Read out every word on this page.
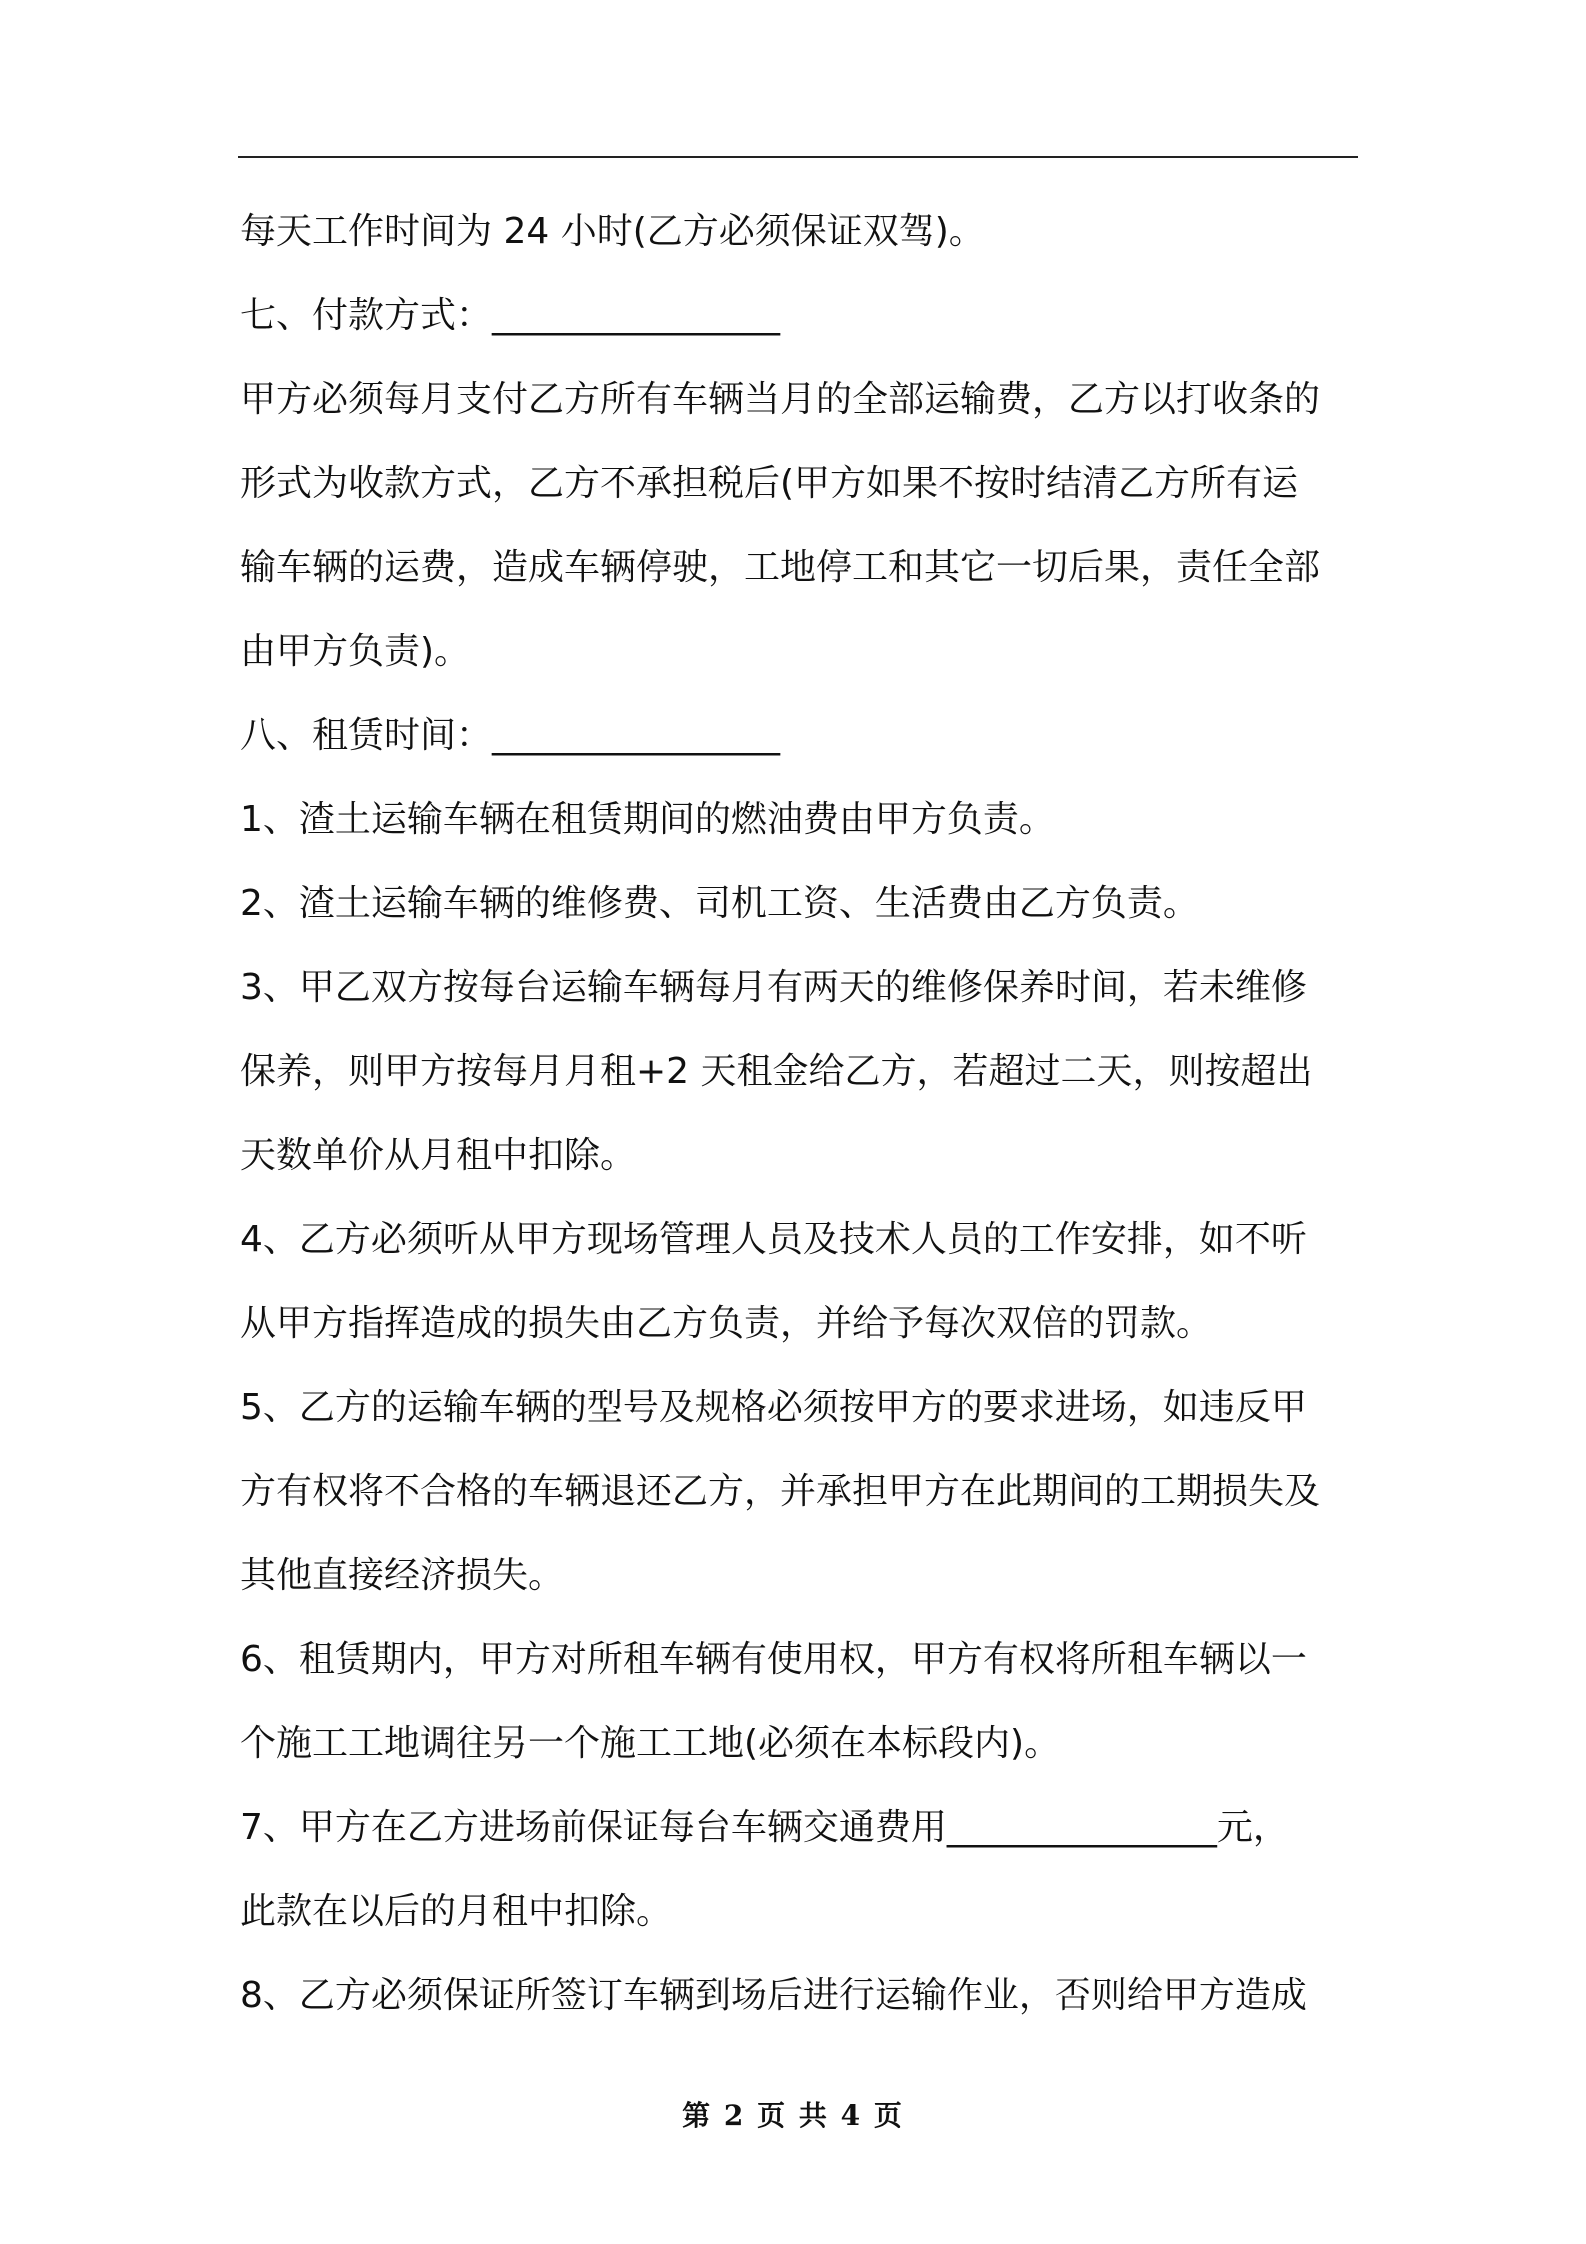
每天工作时间为 24 小时(乙方必须保证双驾)。
七、付款方式：________________
甲方必须每月支付乙方所有车辆当月的全部运输费，乙方以打收条的
形式为收款方式，乙方不承担税后(甲方如果不按时结清乙方所有运
输车辆的运费，造成车辆停驶，工地停工和其它一切后果，责任全部
由甲方负责)。
八、租赁时间：________________
1、渣土运输车辆在租赁期间的燃油费由甲方负责。
2、渣土运输车辆的维修费、司机工资、生活费由乙方负责。
3、甲乙双方按每台运输车辆每月有两天的维修保养时间，若未维修
保养，则甲方按每月月租+2 天租金给乙方，若超过二天，则按超出
天数单价从月租中扣除。
4、乙方必须听从甲方现场管理人员及技术人员的工作安排，如不听
从甲方指挥造成的损失由乙方负责，并给予每次双倍的罚款。
5、乙方的运输车辆的型号及规格必须按甲方的要求进场，如违反甲
方有权将不合格的车辆退还乙方，并承担甲方在此期间的工期损失及
其他直接经济损失。
6、租赁期内，甲方对所租车辆有使用权，甲方有权将所租车辆以一
个施工工地调往另一个施工工地(必须在本标段内)。
7、甲方在乙方进场前保证每台车辆交通费用_______________元，
此款在以后的月租中扣除。
8、乙方必须保证所签订车辆到场后进行运输作业，否则给甲方造成
第 2 页 共 4 页
